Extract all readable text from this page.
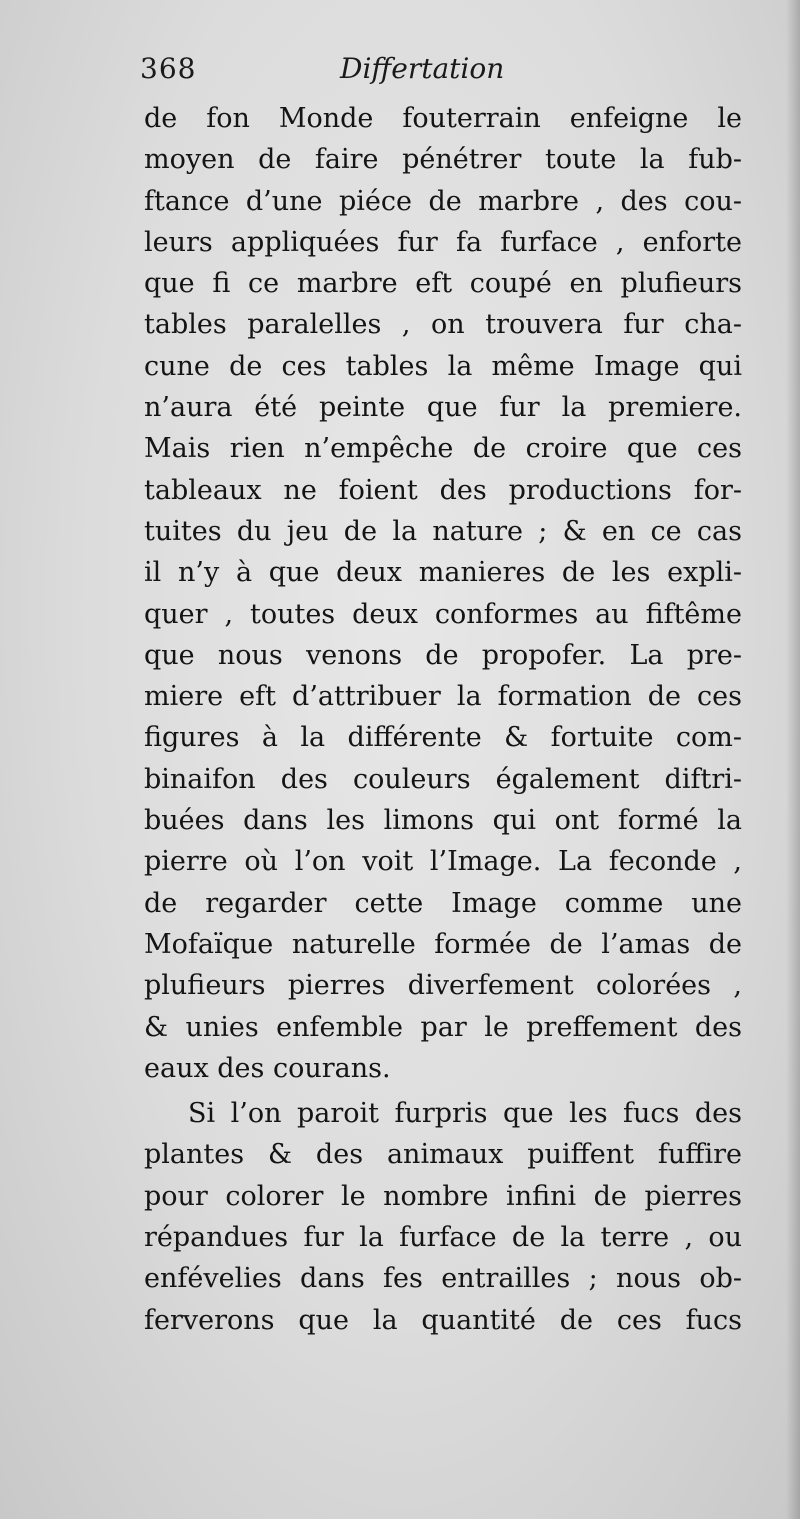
368	Differtation
de fon Monde fouterrain enfeigne le
moyen de faire pénétrer toute la fub-
ftance d’une piéce de marbre , des cou-
leurs appliquées fur fa furface , enforte
que fi ce marbre eft coupé en plufieurs
tables paralelles , on trouvera fur cha-
cune de ces tables la même Image qui
n’aura été peinte que fur la premiere.
Mais rien n’empêche de croire que ces
tableaux ne foient des productions for-
tuites du jeu de la nature ; & en ce cas
il n’y à que deux manieres de les expli-
quer , toutes deux conformes au fiftême
que nous venons de propofer. La pre-
miere eft d’attribuer la formation de ces
figures à la différente & fortuite com-
binaifon des couleurs également diftri-
buées dans les limons qui ont formé la
pierre où l’on voit l’Image. La feconde ,
de regarder cette Image comme une
Mofaïque naturelle formée de l’amas de
plufieurs pierres diverfement colorées ,
& unies enfemble par le preffement des
eaux des courans.
Si l’on paroit furpris que les fucs des
plantes & des animaux puiffent fuffire
pour colorer le nombre infini de pierres
répandues fur la furface de la terre , ou
enfévelies dans fes entrailles ; nous ob-
ferverons que la quantité de ces fucs
